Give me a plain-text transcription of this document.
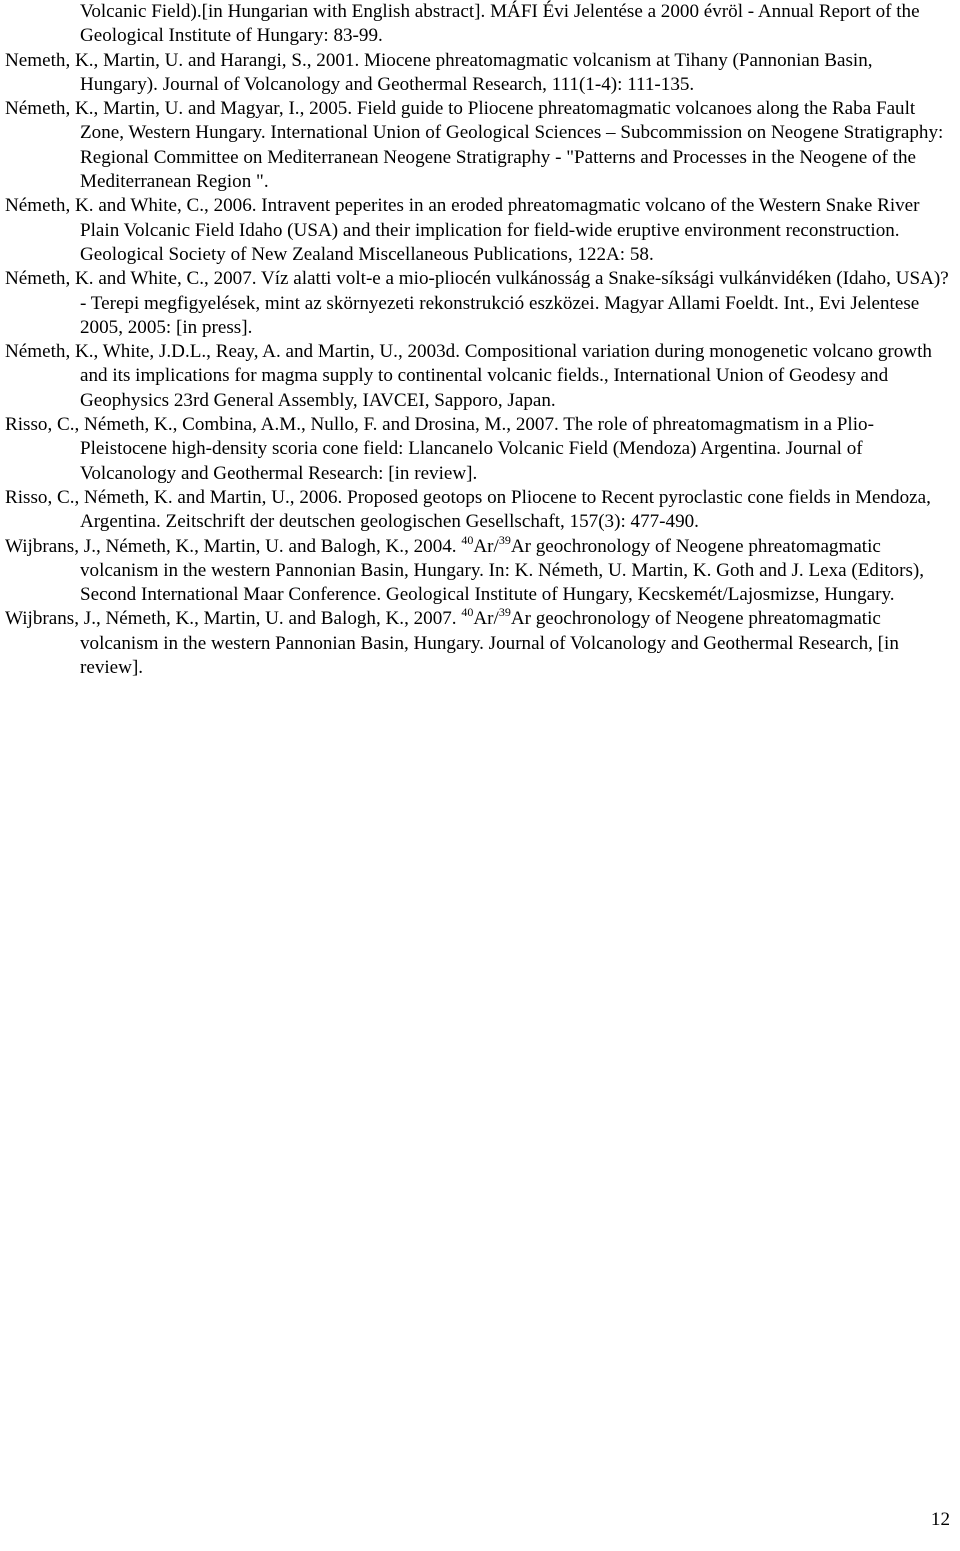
Volcanic Field).[in Hungarian with English abstract]. MÁFI Évi Jelentése a 2000 évröl - Annual Report of the Geological Institute of Hungary: 83-99.

Nemeth, K., Martin, U. and Harangi, S., 2001. Miocene phreatomagmatic volcanism at Tihany (Pannonian Basin, Hungary). Journal of Volcanology and Geothermal Research, 111(1-4): 111-135.

Németh, K., Martin, U. and Magyar, I., 2005. Field guide to Pliocene phreatomagmatic volcanoes along the Raba Fault Zone, Western Hungary. International Union of Geological Sciences – Subcommission on Neogene Stratigraphy: Regional Committee on Mediterranean Neogene Stratigraphy - "Patterns and Processes in the Neogene of the Mediterranean Region ".

Németh, K. and White, C., 2006. Intravent peperites in an eroded phreatomagmatic volcano of the Western Snake River Plain Volcanic Field Idaho (USA) and their implication for field-wide eruptive environment reconstruction. Geological Society of New Zealand Miscellaneous Publications, 122A: 58.

Németh, K. and White, C., 2007. Víz alatti volt-e a mio-pliocén vulkánosság a Snake-síksági vulkánvidéken (Idaho, USA)? - Terepi megfigyelések, mint az skörnyezeti rekonstrukció eszközei. Magyar Allami Foeldt. Int., Evi Jelentese 2005, 2005: [in press].

Németh, K., White, J.D.L., Reay, A. and Martin, U., 2003d. Compositional variation during monogenetic volcano growth and its implications for magma supply to continental volcanic fields., International Union of Geodesy and Geophysics 23rd General Assembly, IAVCEI, Sapporo, Japan.

Risso, C., Németh, K., Combina, A.M., Nullo, F. and Drosina, M., 2007. The role of phreatomagmatism in a Plio-Pleistocene high-density scoria cone field: Llancanelo Volcanic Field (Mendoza) Argentina. Journal of Volcanology and Geothermal Research: [in review].

Risso, C., Németh, K. and Martin, U., 2006. Proposed geotops on Pliocene to Recent pyroclastic cone fields in Mendoza, Argentina. Zeitschrift der deutschen geologischen Gesellschaft, 157(3): 477-490.

Wijbrans, J., Németh, K., Martin, U. and Balogh, K., 2004. $^{40}$Ar/$^{39}$Ar geochronology of Neogene phreatomagmatic volcanism in the western Pannonian Basin, Hungary. In: K. Németh, U. Martin, K. Goth and J. Lexa (Editors), Second International Maar Conference. Geological Institute of Hungary, Kecskemét/Lajosmizse, Hungary.

Wijbrans, J., Németh, K., Martin, U. and Balogh, K., 2007. $^{40}$Ar/$^{39}$Ar geochronology of Neogene phreatomagmatic volcanism in the western Pannonian Basin, Hungary. Journal of Volcanology and Geothermal Research, [in review].

12
